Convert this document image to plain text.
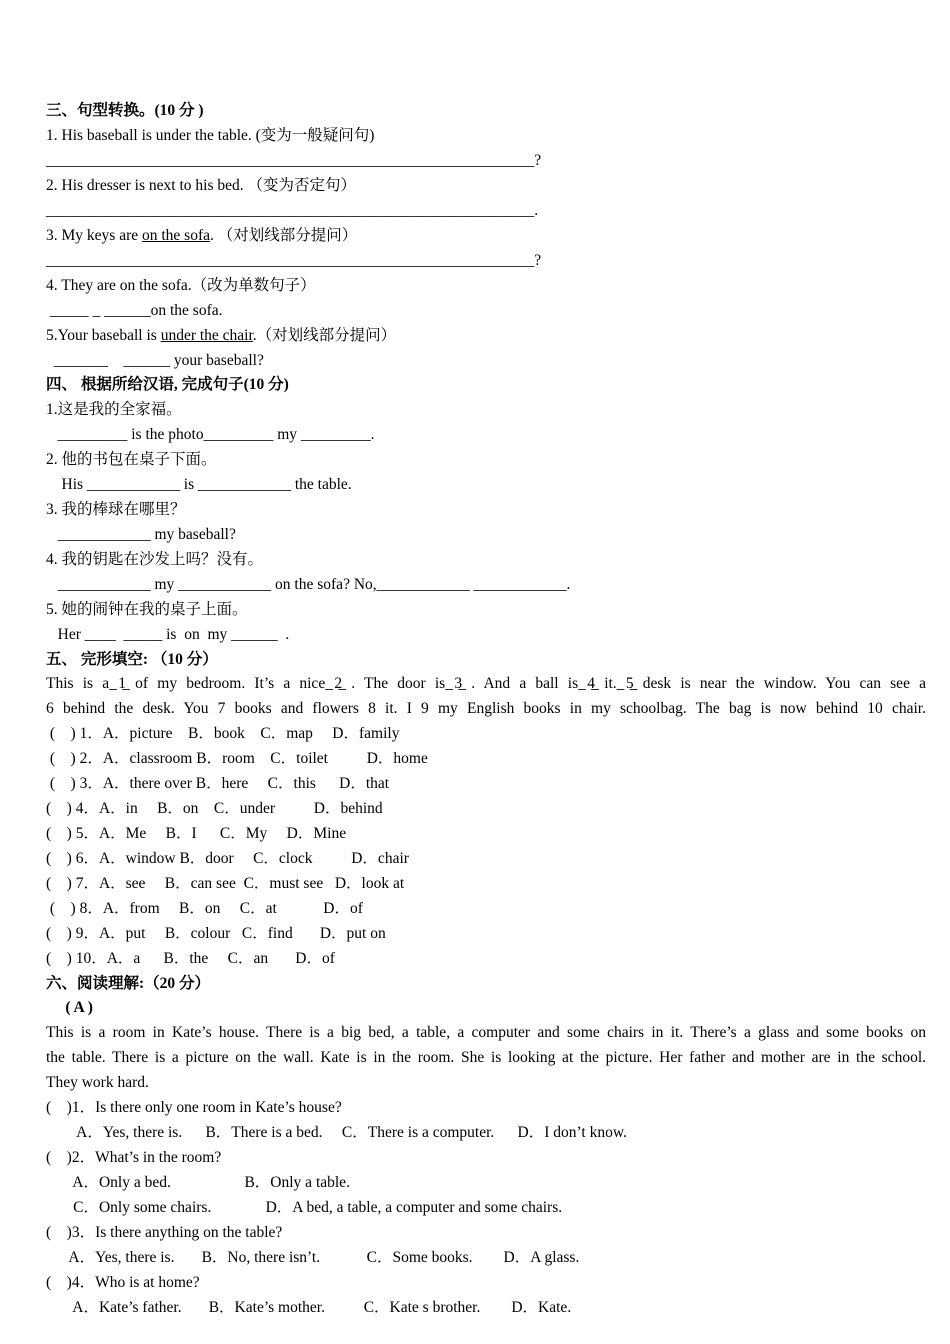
三、句型转换。(10 分 )
1. His baseball is under the table. (变为一般疑问句)
_______________________________________________________________?
2. His dresser is next to his bed. （变为否定句）
_______________________________________________________________.
3. My keys are on the sofa. （对划线部分提问）
_______________________________________________________________?
4. They are on the sofa.（改为单数句子）
_____ _ ______on the sofa.
5.Your baseball is under the chair.（对划线部分提问）
_______    ______ your baseball?
四、 根据所给汉语, 完成句子(10 分)
1.这是我的全家福。
_________ is the photo_________ my _________.
2. 他的书包在桌子下面。
His ____________ is ____________ the table.
3. 我的棒球在哪里？
____________ my baseball?
4. 我的钥匙在沙发上吗？没有。
____________ my ____________ on the sofa? No,____________ ____________.
5. 她的闹钟在我的桌子上面。
Her ____  _____ is  on  my ______  .
五、 完形填空: （10 分）
This is a ̲1̲ of my bedroom. It’s a nice ̲2̲ . The door is ̲3̲ . And a ball is ̲4̲ it. ̲5̲ desk is near the window. You can see a
6 behind the desk. You 7 books and flowers 8 it. I 9 my English books in my schoolbag. The bag is now behind 10 chair.
(    ) 1．A．picture    B．book    C．map     D．family
(    ) 2．A．classroom B．room    C．toilet          D．home
(    ) 3．A．there over B．here     C．this      D．that
(    ) 4．A．in     B．on    C．under          D．behind
(    ) 5．A．Me     B．I      C．My     D．Mine
(    ) 6．A．window B．door     C．clock          D．chair
(    ) 7．A．see     B．can see  C．must see   D．look at
(    ) 8．A．from     B．on     C．at            D．of
(    ) 9．A．put     B．colour   C．find       D．put on
(    ) 10．A．a      B．the     C．an       D．of
六、阅读理解:（20 分）
( A )
This is a room in Kate’s house. There is a big bed, a table, a computer and some chairs in it. There’s a glass and some books on
the table. There is a picture on the wall. Kate is in the room. She is looking at the picture. Her father and mother are in the school.
They work hard.
(    )1．Is there only one room in Kate’s house?
A．Yes, there is.      B．There is a bed.     C．There is a computer.      D．I don’t know.
(    )2．What’s in the room?
A．Only a bed.                   B．Only a table.
C．Only some chairs.              D．A bed, a table, a computer and some chairs.
(    )3．Is there anything on the table?
A．Yes, there is.       B．No, there isn’t.            C．Some books.        D．A glass.
(    )4．Who is at home?
A．Kate’s father.       B．Kate’s mother.          C．Kate s brother.        D．Kate.
